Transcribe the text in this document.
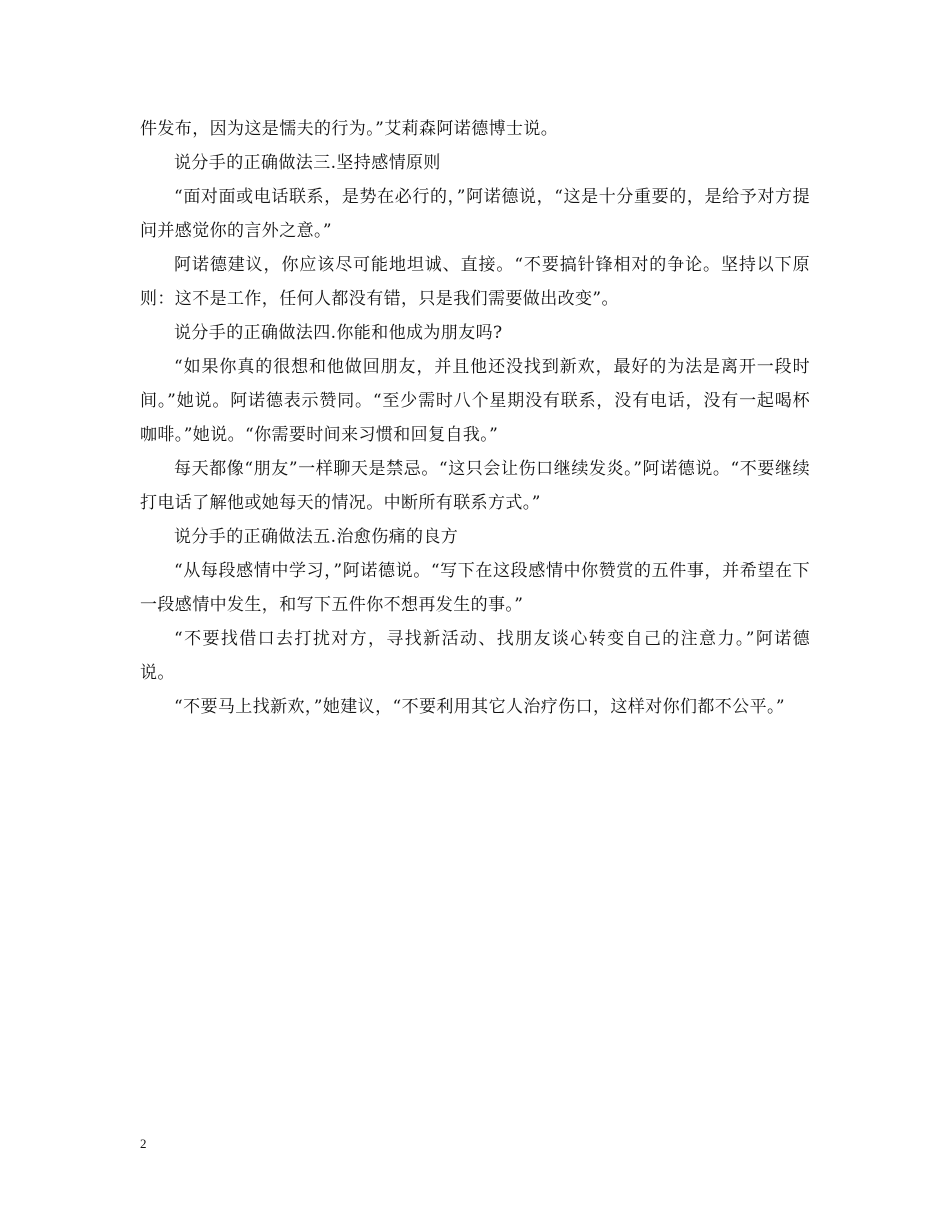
件发布，因为这是懦夫的行为。”艾莉森阿诺德博士说。

说分手的正确做法三.坚持感情原则

“面对面或电话联系，是势在必行的，”阿诺德说，“这是十分重要的，是给予对方提问并感觉你的言外之意。”

阿诺德建议，你应该尽可能地坦诚、直接。“不要搞针锋相对的争论。坚持以下原则：这不是工作，任何人都没有错，只是我们需要做出改变”。

说分手的正确做法四.你能和他成为朋友吗?

“如果你真的很想和他做回朋友，并且他还没找到新欢，最好的为法是离开一段时间。”她说。阿诺德表示赞同。“至少需时八个星期没有联系，没有电话，没有一起喝杯咖啡。”她说。“你需要时间来习惯和回复自我。”

每天都像“朋友”一样聊天是禁忌。“这只会让伤口继续发炎。”阿诺德说。“不要继续打电话了解他或她每天的情况。中断所有联系方式。”

说分手的正确做法五.治愈伤痛的良方

“从每段感情中学习，”阿诺德说。“写下在这段感情中你赞赏的五件事，并希望在下一段感情中发生，和写下五件你不想再发生的事。”

“不要找借口去打扰对方，寻找新活动、找朋友谈心转变自己的注意力。”阿诺德说。

“不要马上找新欢，”她建议，“不要利用其它人治疗伤口，这样对你们都不公平。”

2
